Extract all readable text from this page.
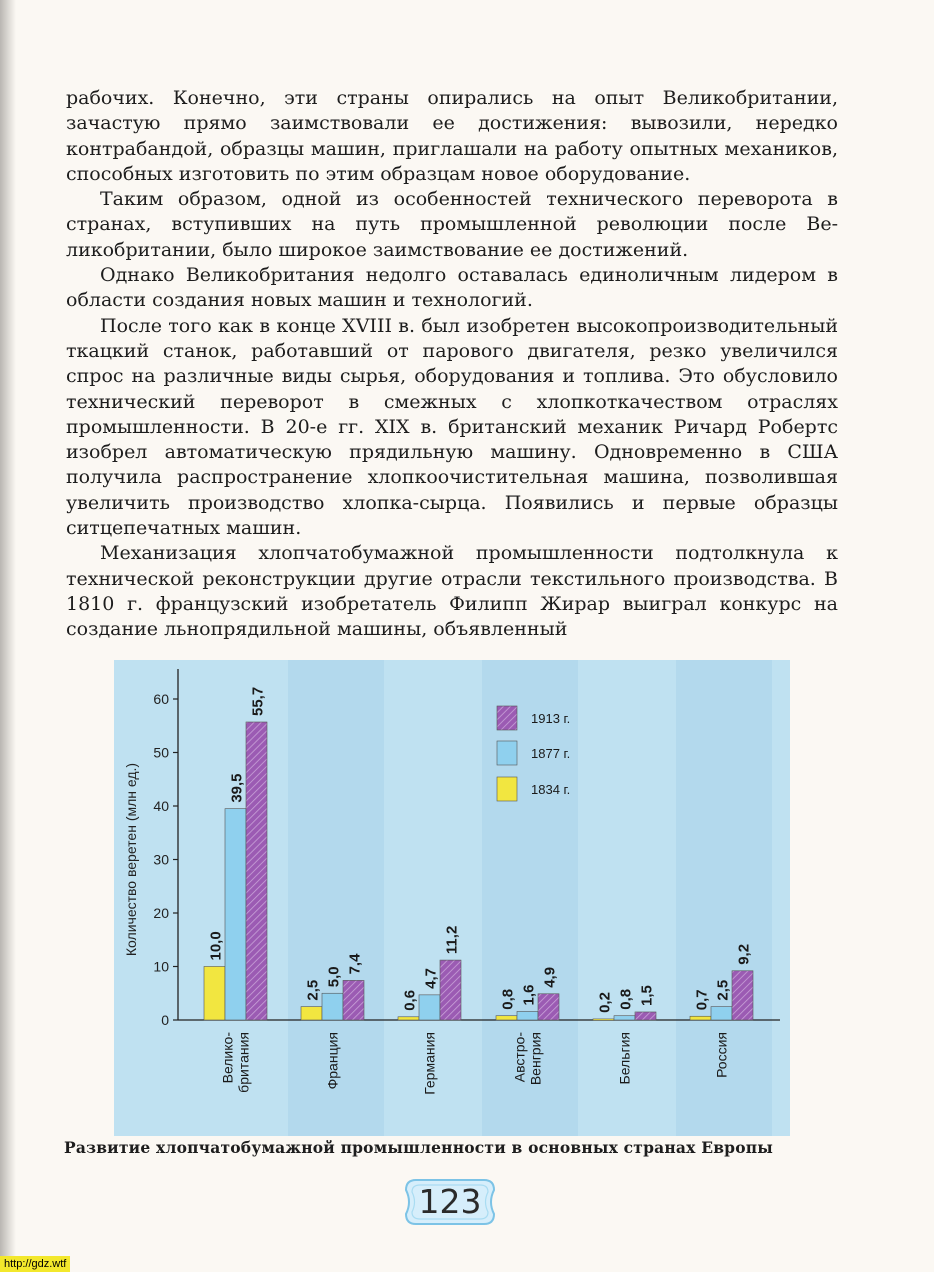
рабочих. Конечно, эти страны опирались на опыт Великобритании, зачастую прямо заимствовали ее достижения: вывозили, нередко контрабандой, образцы машин, приглашали на работу опытных механиков, способных изготовить по этим образцам новое оборудование.

Таким образом, одной из особенностей технического переворота в странах, вступивших на путь промышленной революции после Великобритании, было широкое заимствование ее достижений.

Однако Великобритания недолго оставалась единоличным лидером в области создания новых машин и технологий.

После того как в конце XVIII в. был изобретен высокопроизводительный ткацкий станок, работавший от парового двигателя, резко увеличился спрос на различные виды сырья, оборудования и топлива. Это обусловило технический переворот в смежных с хлопкоткачеством отраслях промышленности. В 20-е гг. XIX в. британский механик Ричард Робертс изобрел автоматическую прядильную машину. Одновременно в США получила распространение хлопкоочистительная машина, позволившая увеличить производство хлопка-сырца. Появились и первые образцы ситцепечатных машин.

Механизация хлопчатобумажной промышленности подтолкнула к технической реконструкции другие отрасли текстильного производства. В 1810 г. французский изобретатель Филипп Жирар выиграл конкурс на создание льнопрядильной машины, объявленный

0
10
20
30
40
50
60
Количество веретен (млн ед.)	10,0
39,5
55,7
Велико- британия
2,5
5,0
7,4
Франция
0,6
4,7
11,2
Германия
0,8 1,6
4,9
Австро- Венгрия
0,2 0,8 1,5
Бельгия
0,7 2,5
9,2
Россия
1913 г.
1877 г.
1834 г.
Развитие хлопчатобумажной промышленности в основных странах Европы
123
http://gdz.wtf
